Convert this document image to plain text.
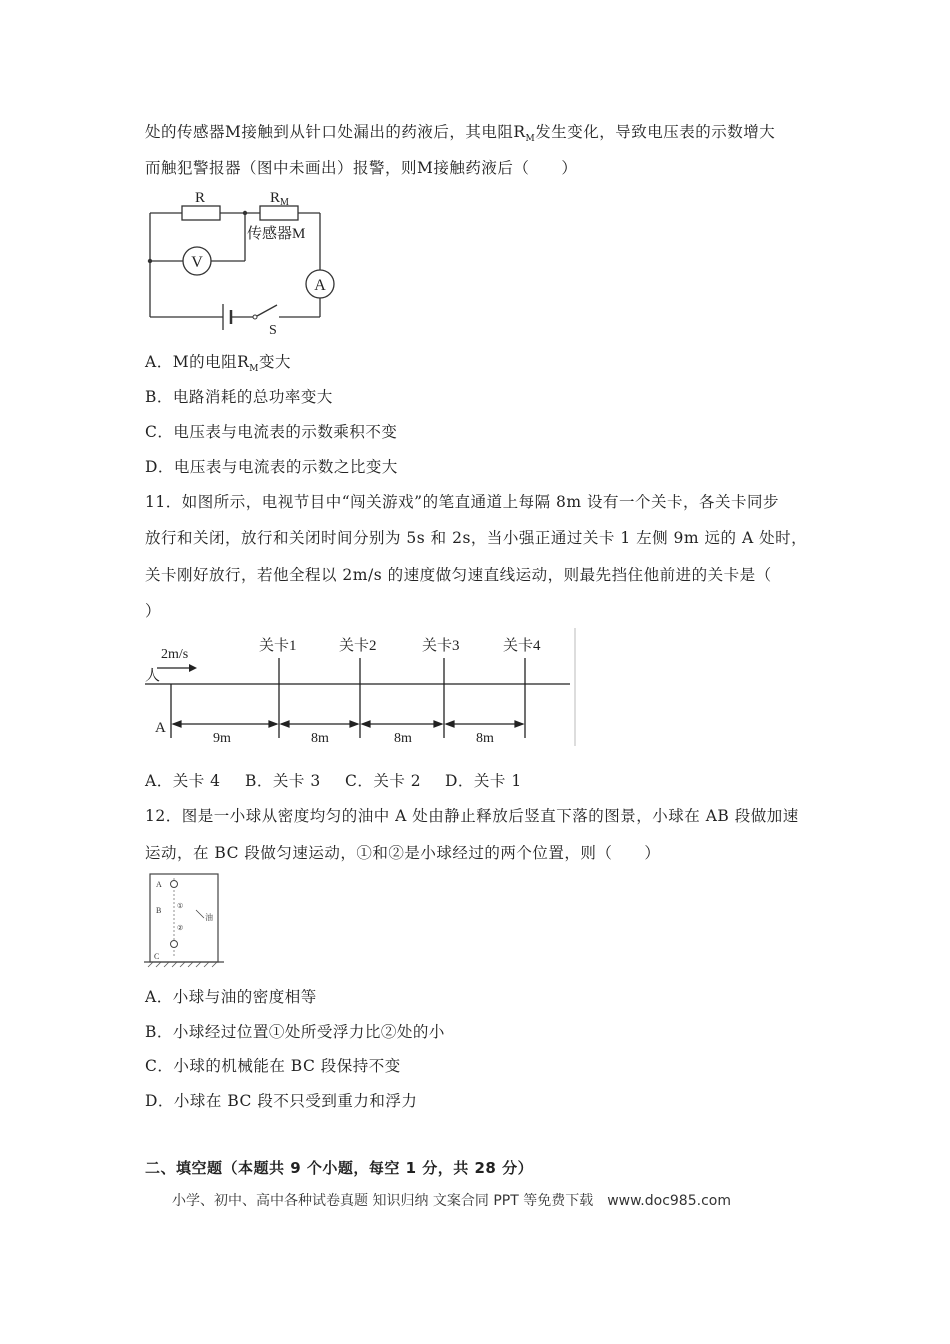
处的传感器M接触到从针口处漏出的药液后，其电阻$R_M$发生变化，导致电压表的示数增大
而触犯警报器（图中未画出）报警，则M接触药液后（　　）
A
S
V
R	$R_M$
传感器M
A．M的电阻$R_M$变大
B．电路消耗的总功率变大
C．电压表与电流表的示数乘积不变
D．电压表与电流表的示数之比变大
11．如图所示，电视节目中“闯关游戏”的笔直通道上每隔 8m 设有一个关卡，各关卡同步
放行和关闭，放行和关闭时间分别为 5s 和 2s，当小强正通过关卡 1 左侧 9m 远的 A 处时，
关卡刚好放行，若他全程以 2m/s 的速度做匀速直线运动，则最先挡住他前进的关卡是（
）
2m/s
人
关卡1	关卡2	关卡3	关卡4
A
9m	8m	8m	8m
A．关卡 4 B．关卡 3 C．关卡 2 D．关卡 1
12．图是一小球从密度均匀的油中 A 处由静止释放后竖直下落的图景，小球在 AB 段做加速
运动，在 BC 段做匀速运动，①和②是小球经过的两个位置，则（　　）
A
B
C
①
②
油
A．小球与油的密度相等
B．小球经过位置①处所受浮力比②处的小
C．小球的机械能在 BC 段保持不变
D．小球在 BC 段不只受到重力和浮力
二、填空题（本题共 9 个小题，每空 1 分，共 28 分）
小学、初中、高中各种试卷真题 知识归纳 文案合同 PPT 等免费下载　www.doc985.com
